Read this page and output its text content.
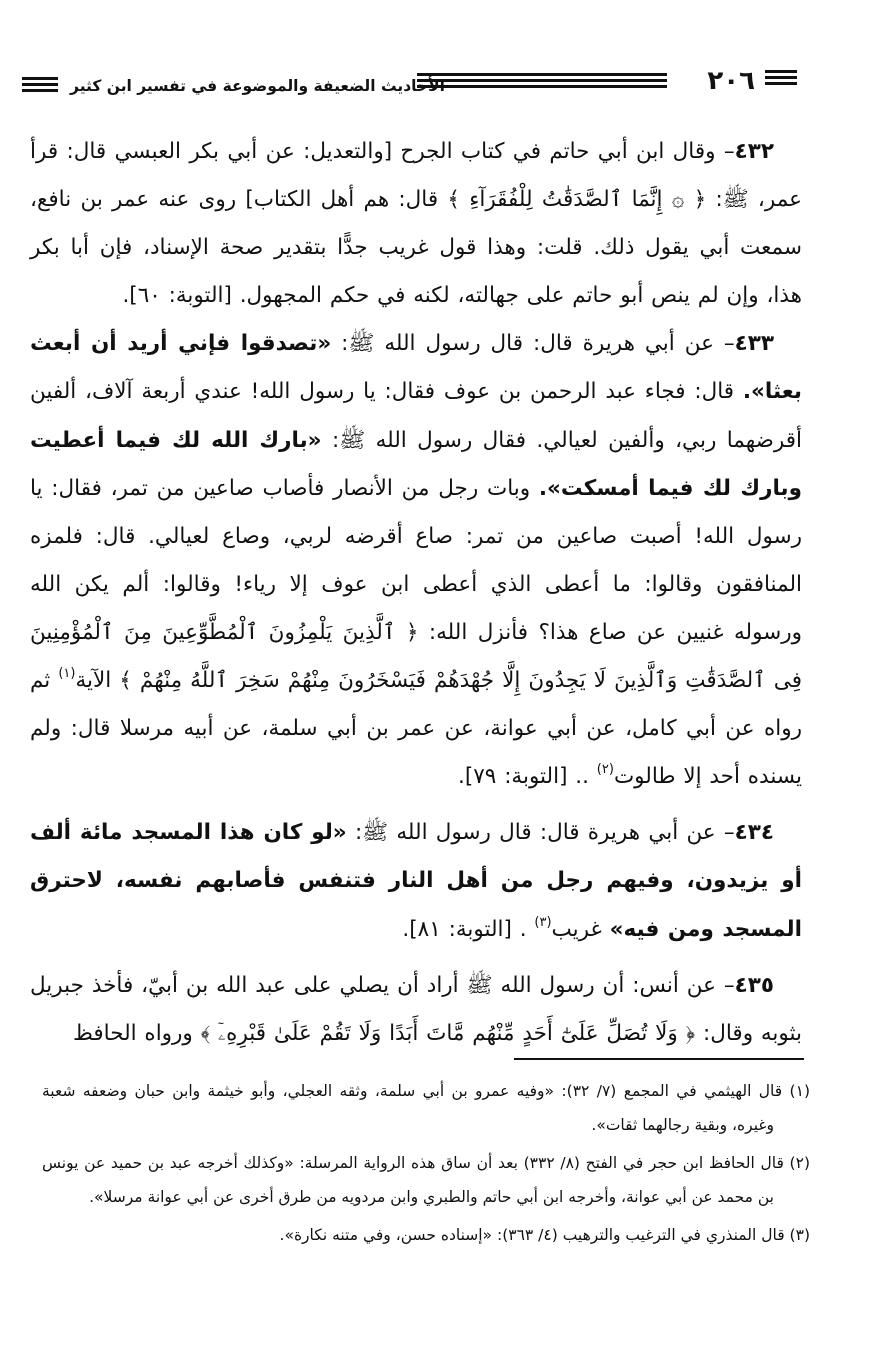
٢٠٦
الأحاديث الضعيفة والموضوعة في تفسير ابن كثير

٤٣٢– وقال ابن أبي حاتم في كتاب الجرح [والتعديل: عن أبي بكر العبسي قال: قرأ عمر، ﷺ: ﴿ ۞ إِنَّمَا ٱلصَّدَقَٰتُ لِلْفُقَرَآءِ ﴾ قال: هم أهل الكتاب] روى عنه عمر بن نافع، سمعت أبي يقول ذلك. قلت: وهذا قول غريب جدًّا بتقدير صحة الإسناد، فإن أبا بكر هذا، وإن لم ينص أبو حاتم على جهالته، لكنه في حكم المجهول. [التوبة: ٦٠].

٤٣٣– عن أبي هريرة قال: قال رسول الله ﷺ: «تصدقوا فإني أريد أن أبعث بعثا». قال: فجاء عبد الرحمن بن عوف فقال: يا رسول الله! عندي أربعة آلاف، ألفين أقرضهما ربي، وألفين لعيالي. فقال رسول الله ﷺ: «بارك الله لك فيما أعطيت وبارك لك فيما أمسكت». وبات رجل من الأنصار فأصاب صاعين من تمر، فقال: يا رسول الله! أصبت صاعين من تمر: صاع أقرضه لربي، وصاع لعيالي. قال: فلمزه المنافقون وقالوا: ما أعطى الذي أعطى ابن عوف إلا رياء! وقالوا: ألم يكن الله ورسوله غنيين عن صاع هذا؟ فأنزل الله: ﴿ ٱلَّذِينَ يَلْمِزُونَ ٱلْمُطَّوِّعِينَ مِنَ ٱلْمُؤْمِنِينَ فِى ٱلصَّدَقَٰتِ وَٱلَّذِينَ لَا يَجِدُونَ إِلَّا جُهْدَهُمْ فَيَسْخَرُونَ مِنْهُمْ سَخِرَ ٱللَّهُ مِنْهُمْ ﴾ الآية$^{(١)}$ ثم رواه عن أبي كامل، عن أبي عوانة، عن عمر بن أبي سلمة، عن أبيه مرسلا قال: ولم يسنده أحد إلا طالوت$^{(٢)}$ .. [التوبة: ٧٩].

٤٣٤– عن أبي هريرة قال: قال رسول الله ﷺ: «لو كان هذا المسجد مائة ألف أو يزيدون، وفيهم رجل من أهل النار فتنفس فأصابهم نفسه، لاحترق المسجد ومن فيه» غريب$^{(٣)}$ . [التوبة: ٨١].

٤٣٥– عن أنس: أن رسول الله ﷺ أراد أن يصلي على عبد الله بن أبيّ، فأخذ جبريل بثوبه وقال: ﴿ وَلَا تُصَلِّ عَلَىٰٓ أَحَدٍ مِّنْهُم مَّاتَ أَبَدًا وَلَا تَقُمْ عَلَىٰ قَبْرِهِۦٓ ﴾ ورواه الحافظ

(١) قال الهيثمي في المجمع (٧/ ٣٢): «وفيه عمرو بن أبي سلمة، وثقه العجلي، وأبو خيثمة وابن حبان وضعفه شعبة وغيره، وبقية رجالهما ثقات».

(٢) قال الحافظ ابن حجر في الفتح (٨/ ٣٣٢) بعد أن ساق هذه الرواية المرسلة: «وكذلك أخرجه عبد بن حميد عن يونس بن محمد عن أبي عوانة، وأخرجه ابن أبي حاتم والطبري وابن مردويه من طرق أخرى عن أبي عوانة مرسلا».

(٣) قال المنذري في الترغيب والترهيب (٤/ ٣٦٣): «إسناده حسن، وفي متنه نكارة».
